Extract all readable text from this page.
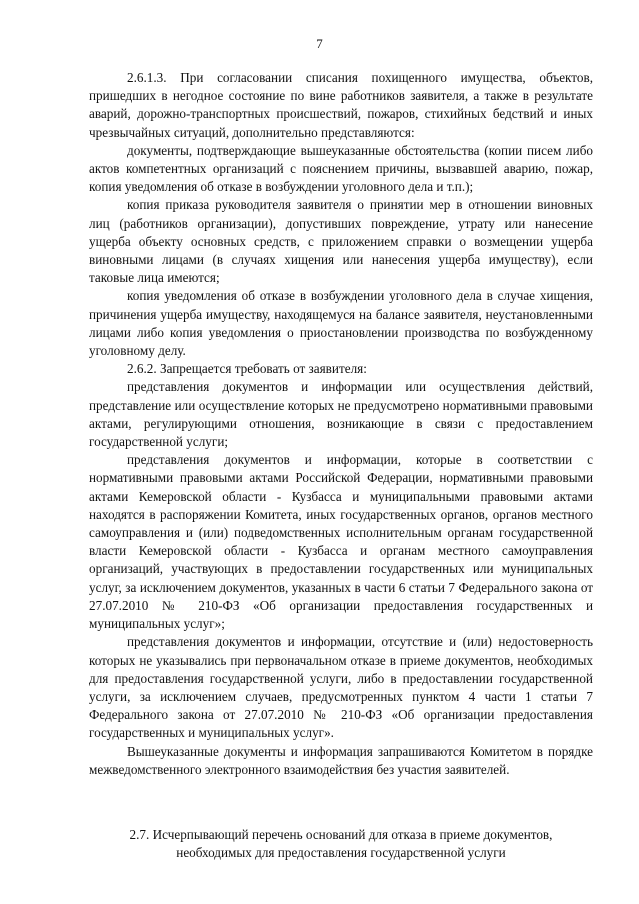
7

2.6.1.3. При согласовании списания похищенного имущества, объектов, пришедших в негодное состояние по вине работников заявителя, а также в результате аварий, дорожно-транспортных происшествий, пожаров, стихийных бедствий и иных чрезвычайных ситуаций, дополнительно представляются:

документы, подтверждающие вышеуказанные обстоятельства (копии писем либо актов компетентных организаций с пояснением причины, вызвавшей аварию, пожар, копия уведомления об отказе в возбуждении уголовного дела и т.п.);

копия приказа руководителя заявителя о принятии мер в отношении виновных лиц (работников организации), допустивших повреждение, утрату или нанесение ущерба объекту основных средств, с приложением справки о возмещении ущерба виновными лицами (в случаях хищения или нанесения ущерба имуществу), если таковые лица имеются;

копия уведомления об отказе в возбуждении уголовного дела в случае хищения, причинения ущерба имуществу, находящемуся на балансе заявителя, неустановленными лицами либо копия уведомления о приостановлении производства по возбужденному уголовному делу.

2.6.2. Запрещается требовать от заявителя:

представления документов и информации или осуществления действий, представление или осуществление которых не предусмотрено нормативными правовыми актами, регулирующими отношения, возникающие в связи с предоставлением государственной услуги;

представления документов и информации, которые в соответствии с нормативными правовыми актами Российской Федерации, нормативными правовыми актами Кемеровской области - Кузбасса и муниципальными правовыми актами находятся в распоряжении Комитета, иных государственных органов, органов местного самоуправления и (или) подведомственных исполнительным органам государственной власти Кемеровской области - Кузбасса и органам местного самоуправления организаций, участвующих в предоставлении государственных или муниципальных услуг, за исключением документов, указанных в части 6 статьи 7 Федерального закона от 27.07.2010 № 210-ФЗ «Об организации предоставления государственных и муниципальных услуг»;

представления документов и информации, отсутствие и (или) недостоверность которых не указывались при первоначальном отказе в приеме документов, необходимых для предоставления государственной услуги, либо в предоставлении государственной услуги, за исключением случаев, предусмотренных пунктом 4 части 1 статьи 7 Федерального закона от 27.07.2010 № 210-ФЗ «Об организации предоставления государственных и муниципальных услуг».

Вышеуказанные документы и информация запрашиваются Комитетом в порядке межведомственного электронного взаимодействия без участия заявителей.

2.7. Исчерпывающий перечень оснований для отказа в приеме документов,
необходимых для предоставления государственной услуги
